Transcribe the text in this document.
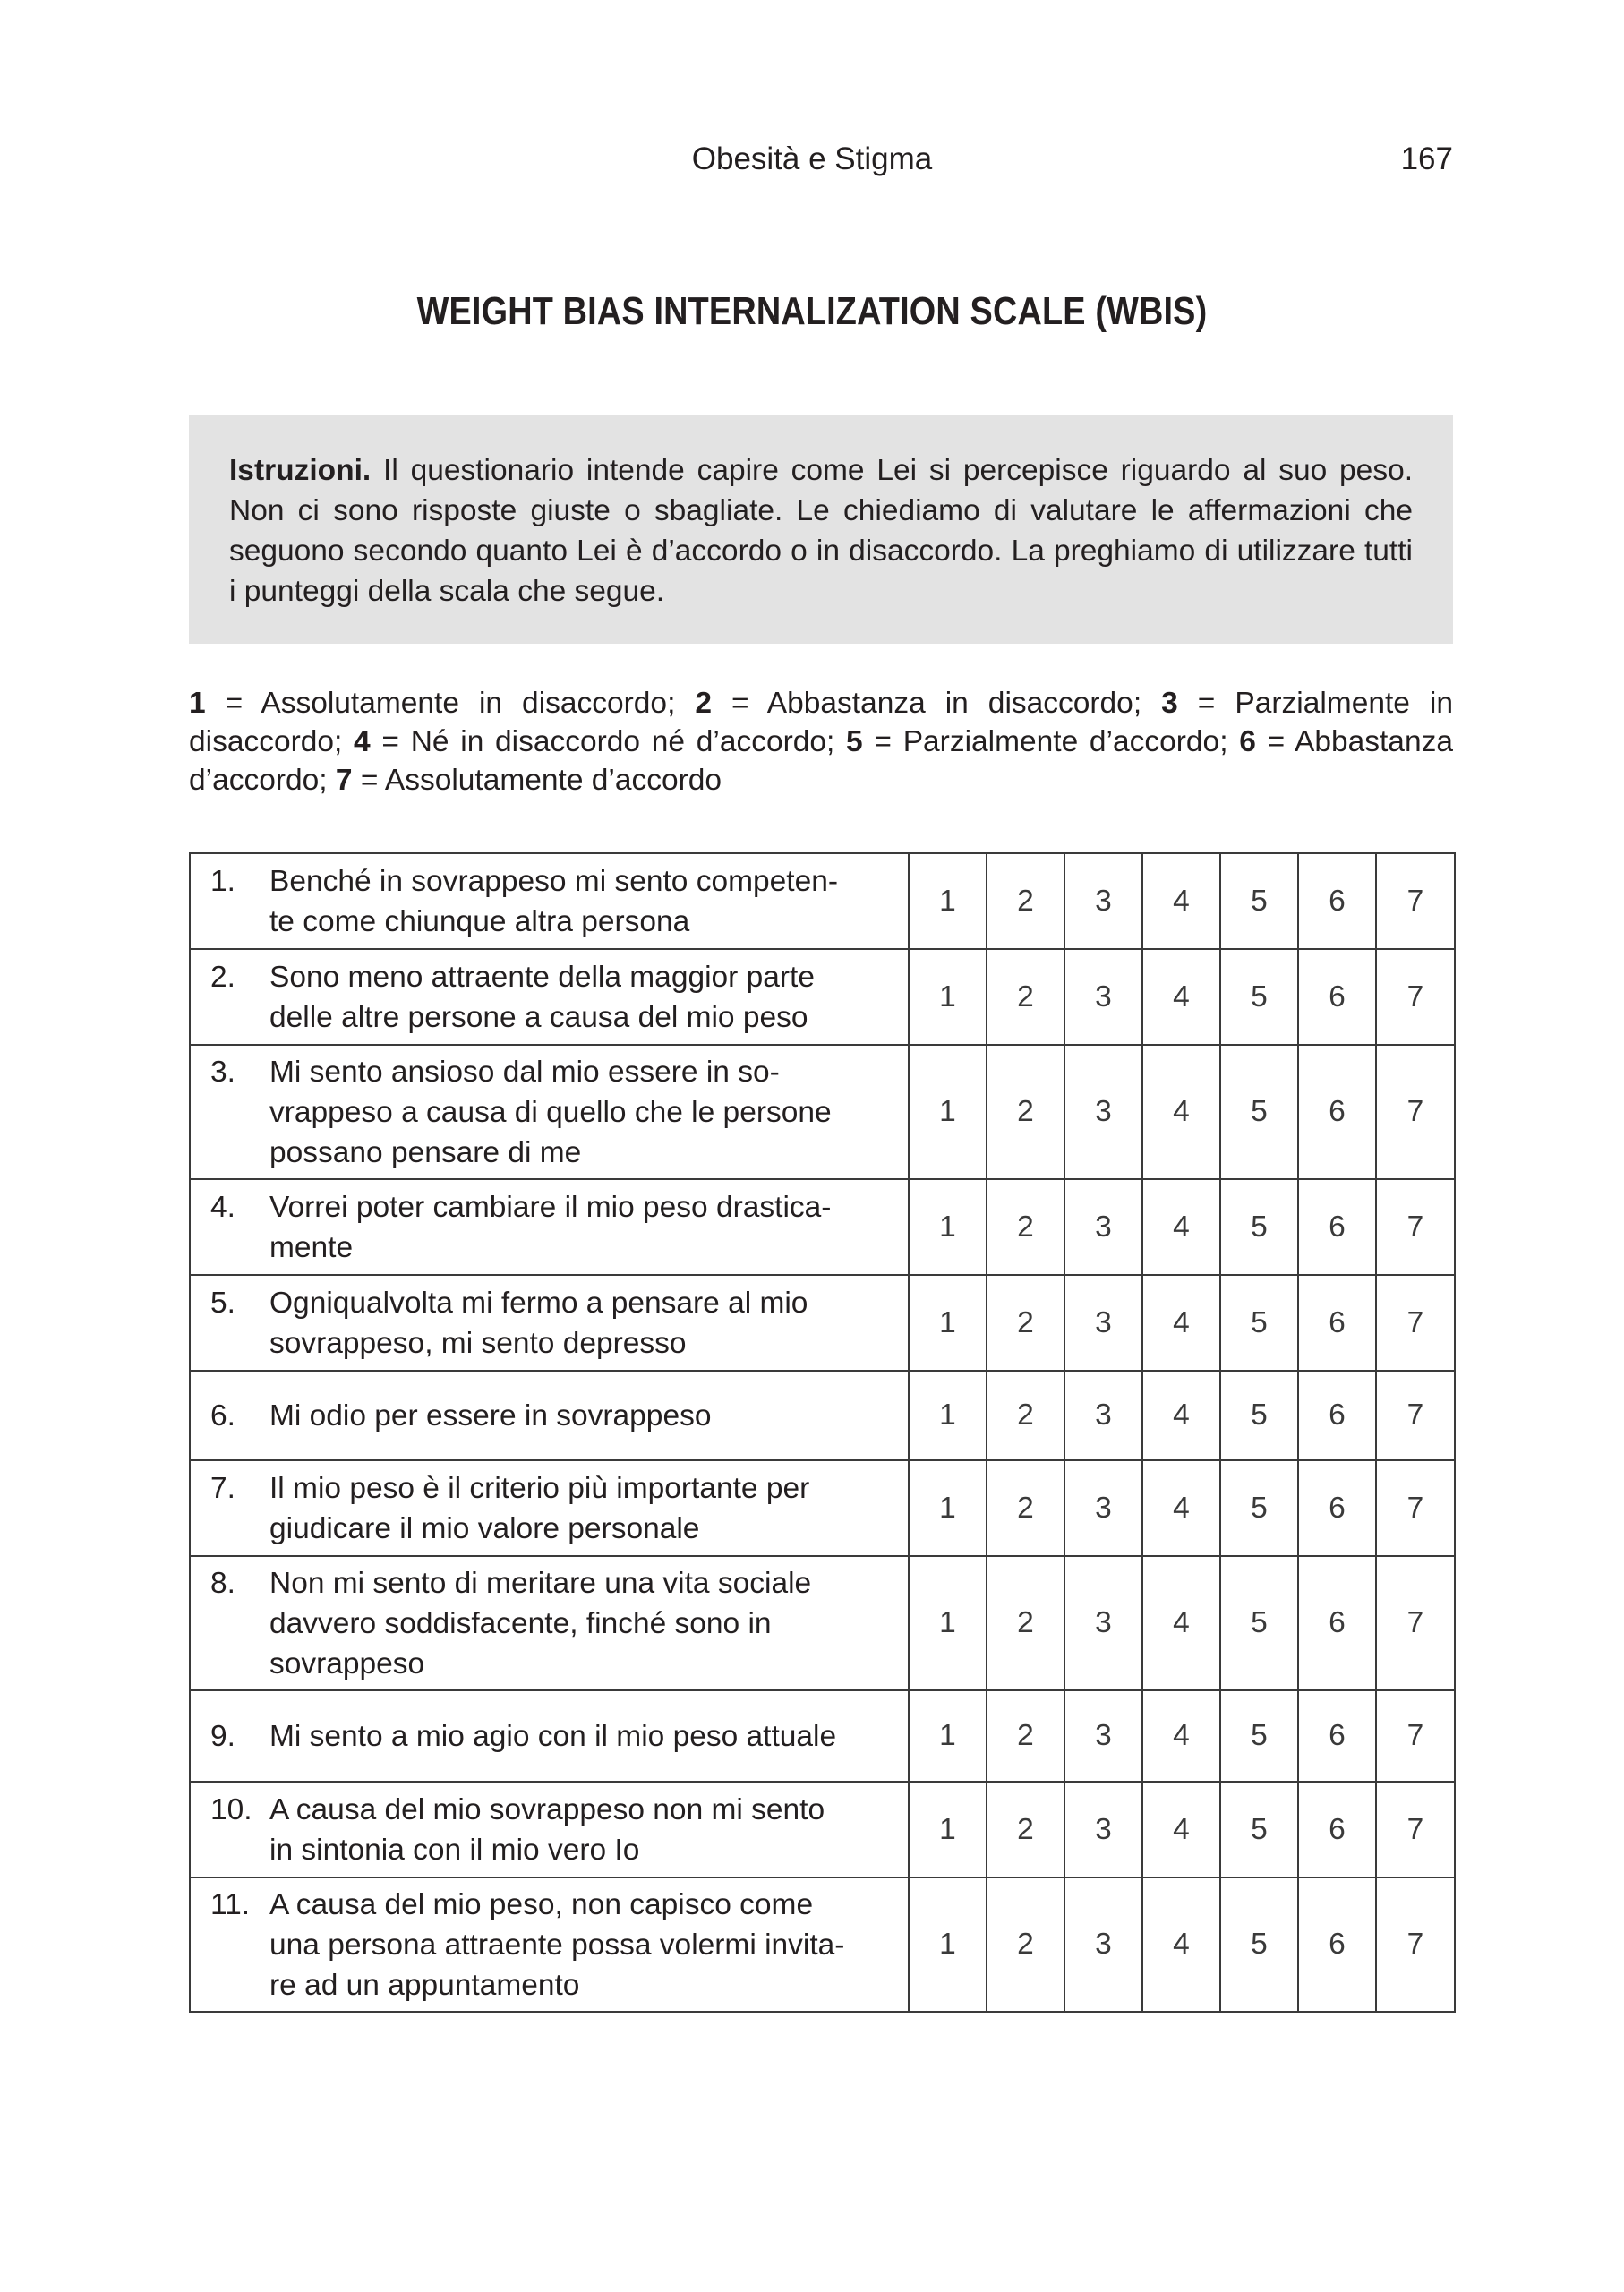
Obesità e Stigma	167
WEIGHT BIAS INTERNALIZATION SCALE (WBIS)
Istruzioni. Il questionario intende capire come Lei si percepisce riguardo al suo peso. Non ci sono risposte giuste o sbagliate. Le chiediamo di valutare le affermazioni che seguono secondo quanto Lei è d’accordo o in disaccordo. La preghiamo di utilizzare tutti i punteggi della scala che segue.
1 = Assolutamente in disaccordo; 2 = Abbastanza in disaccordo; 3 = Parzialmente in disaccordo; 4 = Né in disaccordo né d’accordo; 5 = Parzialmente d’accordo; 6 = Abbastanza d’accordo; 7 = Assolutamente d’accordo
1. Benché in sovrappeso mi sento competen-
te come chiunque altra persona	1	2	3	4	5	6	7

2. Sono meno attraente della maggior parte
delle altre persone a causa del mio peso	1	2	3	4	5	6	7

3. Mi sento ansioso dal mio essere in so-
vrappeso a causa di quello che le persone
possano pensare di me	1	2	3	4	5	6	7

4. Vorrei poter cambiare il mio peso drastica-
mente	1	2	3	4	5	6	7

5. Ogniqualvolta mi fermo a pensare al mio
sovrappeso, mi sento depresso	1	2	3	4	5	6	7

6. Mi odio per essere in sovrappeso	1	2	3	4	5	6	7

7. Il mio peso è il criterio più importante per
giudicare il mio valore personale	1	2	3	4	5	6	7

8. Non mi sento di meritare una vita sociale
davvero soddisfacente, finché sono in
sovrappeso	1	2	3	4	5	6	7

9. Mi sento a mio agio con il mio peso attuale	1	2	3	4	5	6	7

10. A causa del mio sovrappeso non mi sento
in sintonia con il mio vero Io	1	2	3	4	5	6	7

11. A causa del mio peso, non capisco come
una persona attraente possa volermi invita-
re ad un appuntamento	1	2	3	4	5	6	7
